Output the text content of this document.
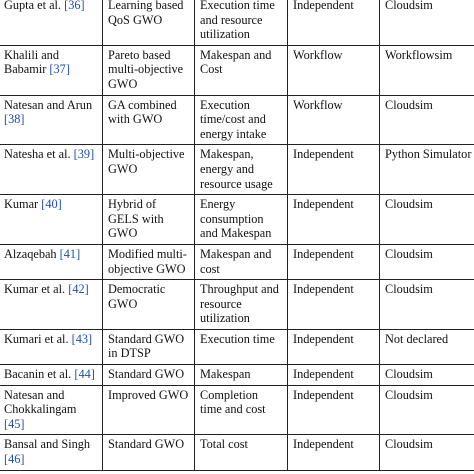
Gupta et al. [36]	Learning based QoS GWO	Execution time and resource utilization	Independent	Cloudsim

Khalili and Babamir [37]	Pareto based multi-objective GWO	Makespan and Cost	Workflow	Workflowsim

Natesan and Arun [38]	GA combined with GWO	Execution time/cost and energy intake	Workflow	Cloudsim

Natesha et al. [39]	Multi-objective GWO	Makespan, energy and resource usage	Independent	Python Simulator

Kumar [40]	Hybrid of GELS with GWO	Energy consumption and Makespan	Independent	Cloudsim

Alzaqebah [41]	Modified multi-objective GWO	Makespan and cost	Independent	Cloudsim

Kumar et al. [42]	Democratic GWO	Throughput and resource utilization	Independent	Cloudsim

Kumari et al. [43]	Standard GWO in DTSP	Execution time	Independent	Not declared

Bacanin et al. [44]	Standard GWO	Makespan	Independent	Cloudsim

Natesan and Chokkalingam [45]	Improved GWO	Completion time and cost	Independent	Cloudsim

Bansal and Singh [46]	Standard GWO	Total cost	Independent	Cloudsim
